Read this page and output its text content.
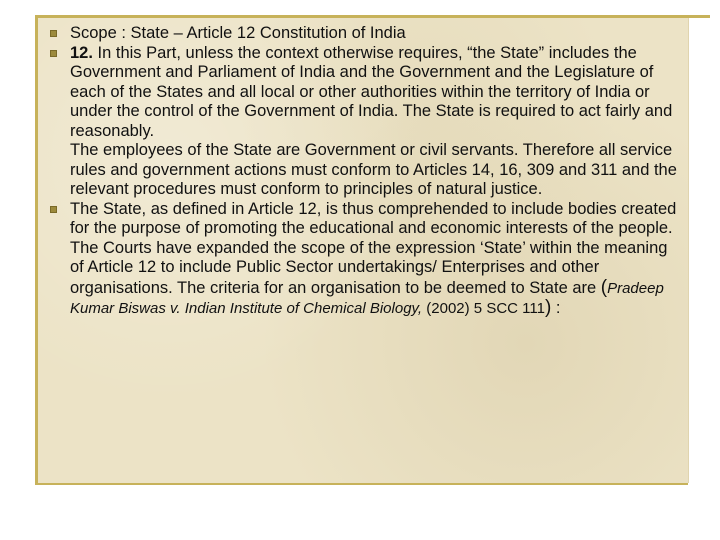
Scope : State – Article 12 Constitution of India
12. In this Part, unless the context otherwise requires, “the State” includes the Government and Parliament of India and the Government and the Legislature of each of the States and all local or other authorities within the territory of India or under the control of the Government of India. The State is required to act fairly and reasonably.
The employees of the State are Government or civil servants. Therefore all service rules and government actions must conform to Articles 14, 16, 309 and 311 and the relevant procedures must conform to principles of natural justice.
The State, as defined in Article 12, is thus comprehended to include bodies created for the purpose of promoting the educational and economic interests of the people.
The Courts have expanded the scope of the expression ‘State’ within the meaning of Article 12 to include Public Sector undertakings/ Enterprises and other organisations. The criteria for an organisation to be deemed to State are (Pradeep Kumar Biswas v. Indian Institute of Chemical Biology, (2002) 5 SCC 111) :
